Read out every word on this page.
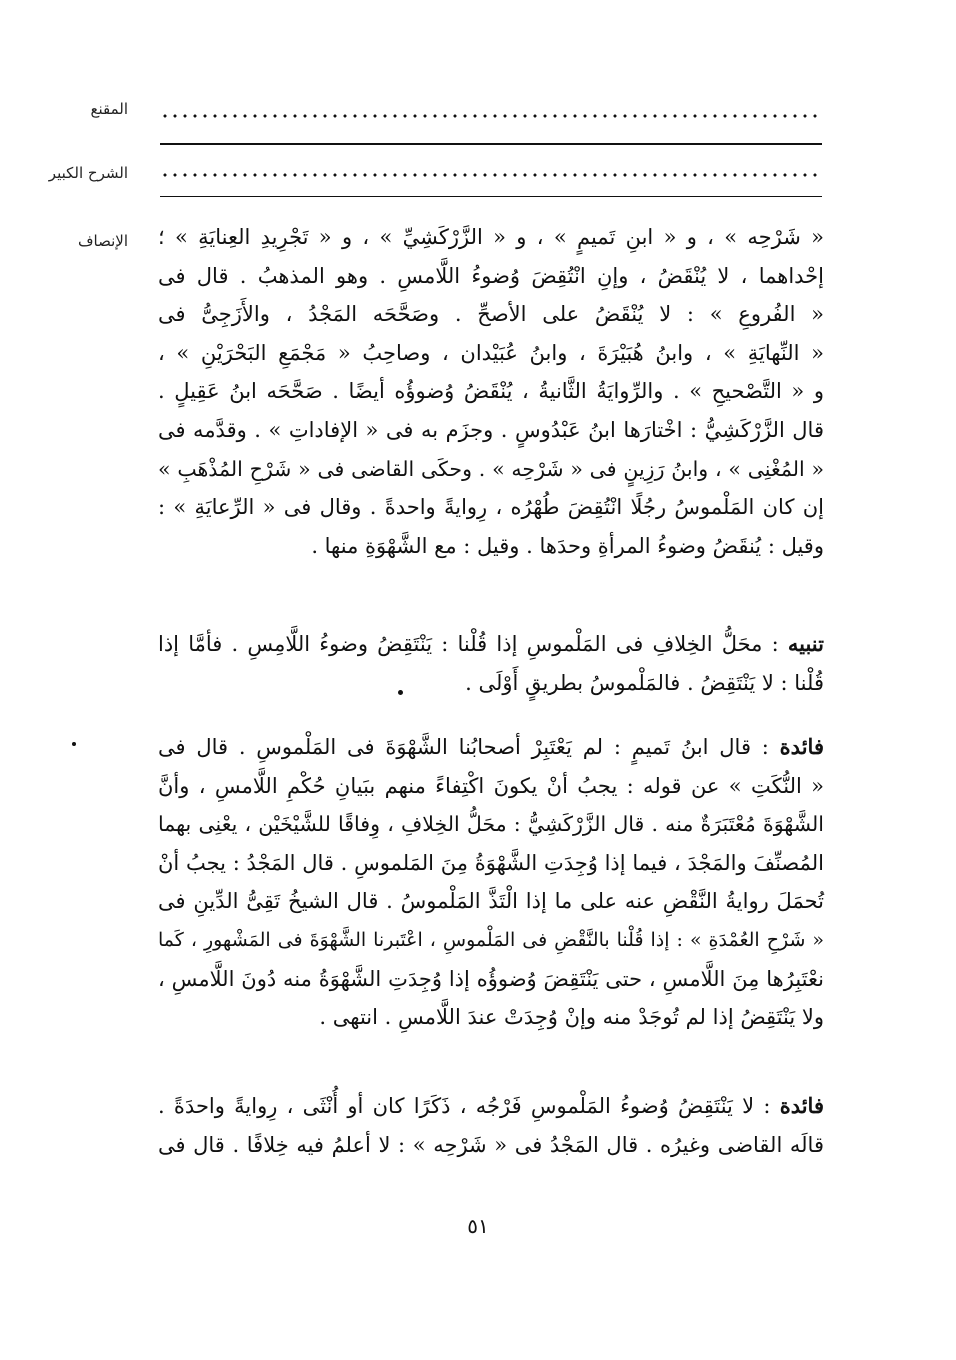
المقنع
الشرح الكبير
الإنصاف « شَرْحِه » ، و « ابنِ تَميمٍ » ، و « الزَّرْكَشِيِّ » ، و « تَجْرِيدِ العِنايَةِ » ؛
إحْداهما ، لا يُنْقَضُ ، وإنِ انْتُقِضَ وُضوءُ اللَّامسِ . وهو المذهبُ . قال فى
« الفُروعِ » : لا يُنْقَضُ على الأصحِّ . وصَحَّحَه المَجْدُ ، والأَزَجِىُّ فى
« النِّهايَةِ » ، وابنُ هُبَيْرَةَ ، وابنُ عُبَيْدان ، وصاحِبُ « مَجْمَعِ البَحْرَيْنِ » ،
و « التَّصْحيحِ » . والرِّوايَةُ الثَّانيةُ ، يُنْقَضُ وُضوؤُه أيضًا . صَحَّحَه ابنُ عَقِيلٍ .
قال الزَّرْكَشِيُّ : اخْتارَها ابنُ عَبْدُوسٍ . وجزَم به فى « الإفاداتِ » . وقدَّمه فى
« المُغْنِى » ، وابنُ رَزِينٍ فى « شَرْحِه » . وحكَى القاضى فى « شَرْحِ المُذْهَبِ »
إن كان المَلْموسُ رجُلًا انْتُقِضَ طُهْرُه ، رِوايةً واحدةً . وقال فى « الرِّعايَةِ » :
وقيل : يُنقَضُ وضوءُ المرأةِ وحدَها . وقيل : مع الشَّهْوَةِ منها .

تنبيه : محَلُّ الخِلافِ فى المَلْموسِ إذا قُلْنا : يَنْتَقِضُ وضوءُ اللَّامِسِ . فأمَّا إذا
قُلْنا : لا يَنْتَقِضُ . فالمَلْموسُ بطريقٍ أَوْلَى .

فائدة : قال ابنُ تَميمٍ : لم يَعْتَبِرْ أصحابُنا الشَّهْوَةَ فى المَلْموسِ . قال فى
« النُّكَتِ » عن قوله : يجبُ أنْ يكونَ اكْتِفاءً منهم ببَيانِ حُكْمِ اللَّامسِ ، وأنَّ
الشَّهْوَةَ مُعْتَبَرَةٌ منه . قال الزَّرْكَشِيُّ : محَلُّ الخِلافِ ، وِفاقًا للشَّيْخَيْن ، يعْنِى بهما
المُصنِّفَ والمَجْدَ ، فيما إذا وُجِدَتِ الشَّهْوَةُ مِنَ المَلموسِ . قال المَجْدُ : يجبُ أنْ
تُحمَلَ روايةُ النَّقْضِ عنه على ما إذا الْتَذَّ المَلْموسُ . قال الشيخُ تَقِىُّ الدِّينِ فى
« شَرْحِ العُمْدَةِ » : إذا قُلْنا بالنَّقْضِ فى المَلْموسِ ، اعْتَبرنا الشَّهْوَةَ فى المَشْهورِ ، كَما
نعْتَبِرُها مِنَ اللَّامسِ ، حتى يَنْتَقِضَ وُضوؤُه إذا وُجِدَتِ الشَّهْوَةُ منه دُونَ اللَّامسِ ،
ولا يَنْتَقِضُ إذا لم تُوجَدْ منه وإنْ وُجِدَتْ عندَ اللَّامسِ . انتهى .

فائدة : لا يَنْتَقِضُ وُضوءُ المَلْموسِ فَرْجُه ، ذَكَرًا كان أو أُنْثَى ، رِوايةً واحدَةً .
قالَه القاضى وغيرُه . قال المَجْدُ فى « شَرْحِه » : لا أعلمُ فيه خِلافًا . قال فى

٥١
